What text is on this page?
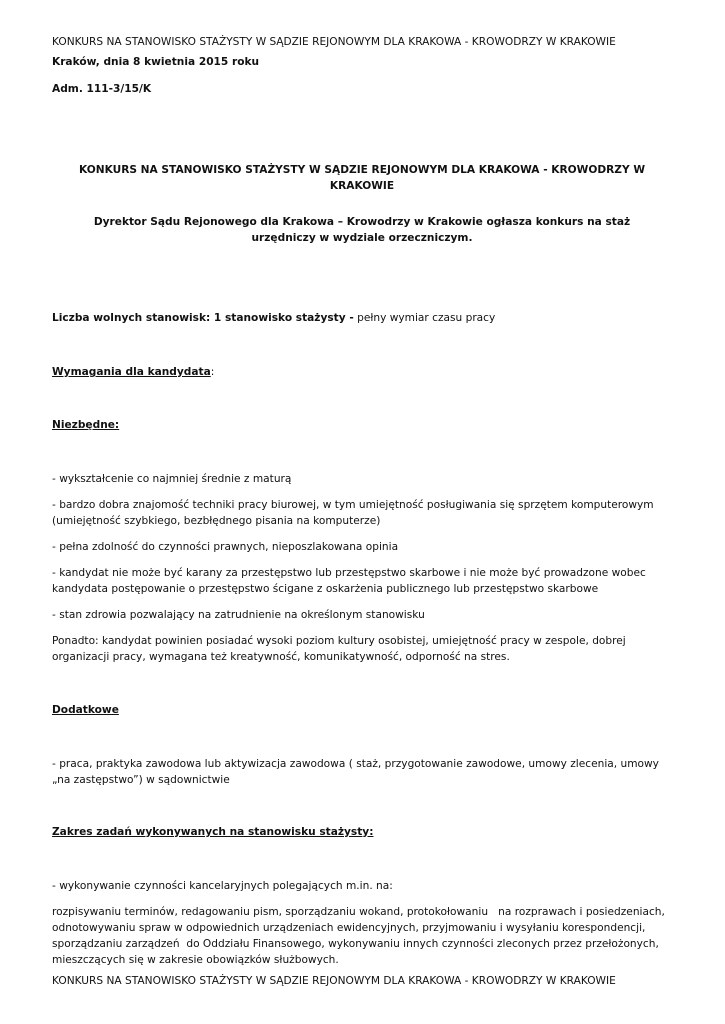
KONKURS NA STANOWISKO STAŻYSTY W SĄDZIE REJONOWYM DLA KRAKOWA - KROWODRZY W KRAKOWIE
Kraków, dnia 8 kwietnia 2015 roku
Adm. 111-3/15/K
KONKURS NA STANOWISKO STAŻYSTY W SĄDZIE REJONOWYM DLA KRAKOWA - KROWODRZY W KRAKOWIE
Dyrektor Sądu Rejonowego dla Krakowa – Krowodrzy w Krakowie ogłasza konkurs na staż urzędniczy w wydziale orzeczniczym.
Liczba wolnych stanowisk: 1 stanowisko stażysty - pełny wymiar czasu pracy
Wymagania dla kandydata:
Niezbędne:
- wykształcenie co najmniej średnie z maturą
- bardzo dobra znajomość techniki pracy biurowej, w tym umiejętność posługiwania się sprzętem komputerowym (umiejętność szybkiego, bezbłędnego pisania na komputerze)
- pełna zdolność do czynności prawnych, nieposzlakowana opinia
- kandydat nie może być karany za przestępstwo lub przestępstwo skarbowe i nie może być prowadzone wobec kandydata postępowanie o przestępstwo ścigane z oskarżenia publicznego lub przestępstwo skarbowe
- stan zdrowia pozwalający na zatrudnienie na określonym stanowisku
Ponadto: kandydat powinien posiadać wysoki poziom kultury osobistej, umiejętność pracy w zespole, dobrej organizacji pracy, wymagana też kreatywność, komunikatywność, odporność na stres.
Dodatkowe
- praca, praktyka zawodowa lub aktywizacja zawodowa ( staż, przygotowanie zawodowe, umowy zlecenia, umowy „na zastępstwo”) w sądownictwie
Zakres zadań wykonywanych na stanowisku stażysty:
- wykonywanie czynności kancelaryjnych polegających m.in. na:
rozpisywaniu terminów, redagowaniu pism, sporządzaniu wokand, protokołowaniu   na rozprawach i posiedzeniach, odnotowywaniu spraw w odpowiednich urządzeniach ewidencyjnych, przyjmowaniu i wysyłaniu korespondencji, sporządzaniu zarządzeń  do Oddziału Finansowego, wykonywaniu innych czynności zleconych przez przełożonych, mieszczących się w zakresie obowiązków służbowych.
KONKURS NA STANOWISKO STAŻYSTY W SĄDZIE REJONOWYM DLA KRAKOWA - KROWODRZY W KRAKOWIE
